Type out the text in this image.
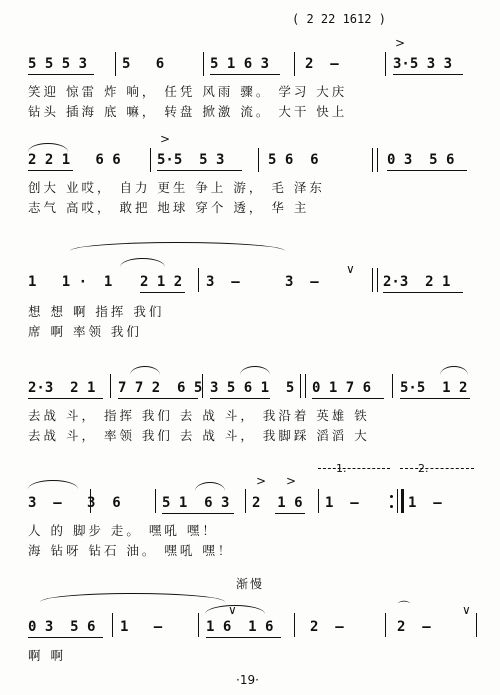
( 2 22 1612 )

5 5 5 3

5   6

	5 1 6 3

	2  —

	3·5 3 3

>
笑迎 惊雷 炸 响， 任凭 风雨 骤。 学习 大庆
钻头 插海 底 嘛， 转盘 掀激 流。 大干 快上

2 2 1   6 6

	5·5  5 3

	5 6  6

	0 3  5 6

>
创大 业哎， 自力 更生 争上 游， 毛 泽东
志气 高哎， 敢把 地球 穿个 透， 华 主

1   1 ·  1

2 1 2

3  —

	3  —

	2·3  2 1

∨
想 想 啊 指挥 我们
席 啊 率领 我们

2·3  2 1

7 7 2  6 5

3 5 6 1  5

0 1 7 6

5·5  1 2

去战 斗， 指挥 我们 去 战 斗， 我沿着 英雄 铁
去战 斗， 率领 我们 去 战 斗， 我脚踩 滔滔 大
1.	2.

3  —   3  6

	5 1  6 3

2  1 6

1  —

	1  —

> >
人 的 脚步 走。 嘿吼 嘿！
海 钻呀 钻石 油。 嘿吼 嘿！
渐慢
∨	∨
⌒

0 3  5 6

1   —

	1 6  1 6

	2  —

	2  —

啊 啊
·19·
